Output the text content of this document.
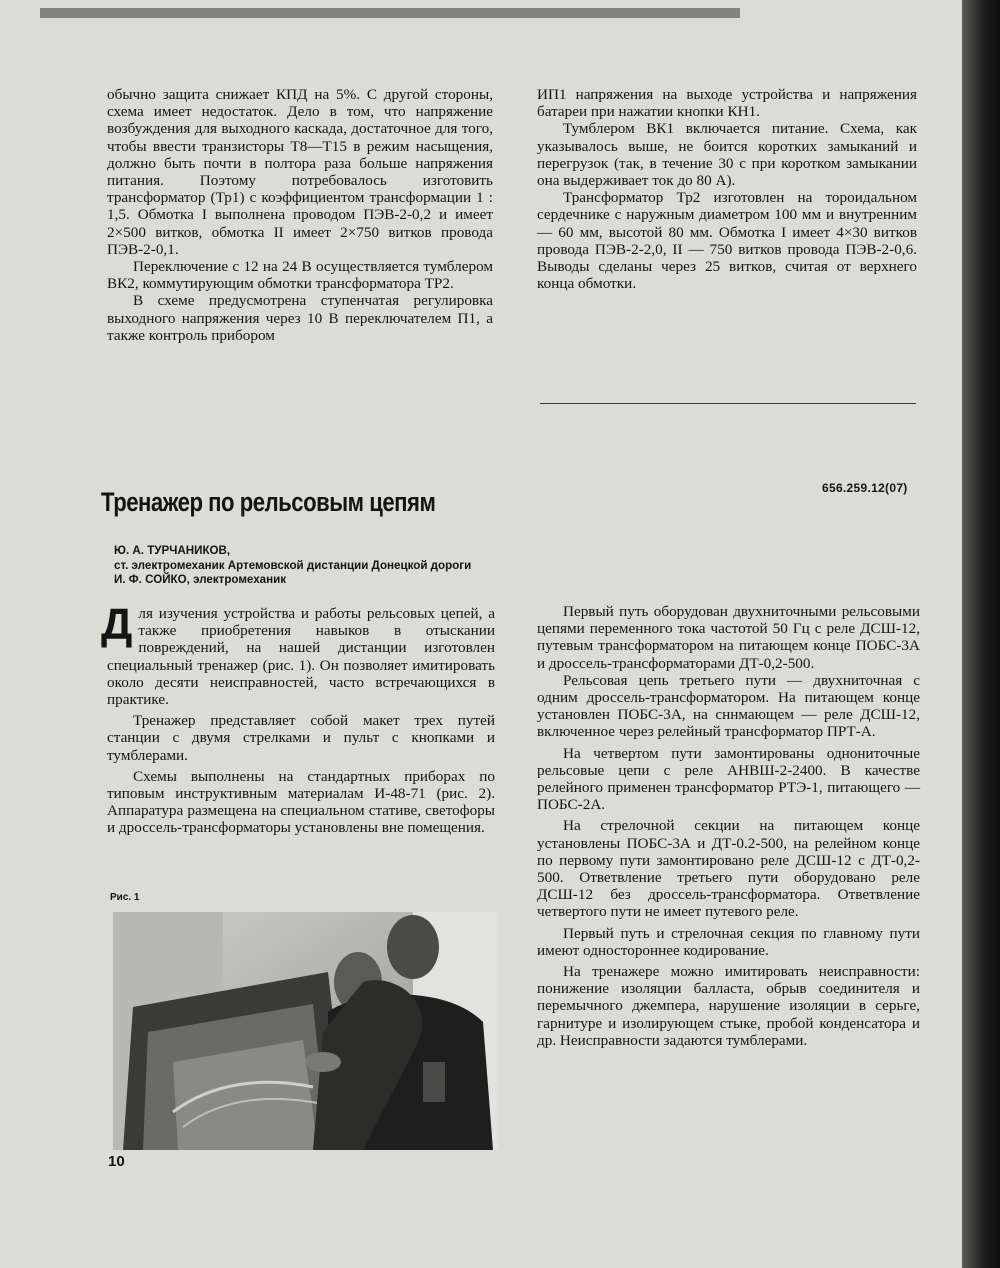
обычно защита снижает КПД на 5%. С другой стороны, схема имеет недостаток. Дело в том, что напряжение возбуждения для выходного каскада, достаточное для того, чтобы ввести транзисторы Т8—Т15 в режим насыщения, должно быть почти в полтора раза больше напряжения питания. Поэтому потребовалось изготовить трансформатор (Тр1) с коэффициентом трансформации 1 : 1,5. Обмотка I выполнена проводом ПЭВ-2-0,2 и имеет 2×500 витков, обмотка II имеет 2×750 витков провода ПЭВ-2-0,1.

Переключение с 12 на 24 В осуществляется тумблером ВК2, коммутирующим обмотки трансформатора ТР2.

В схеме предусмотрена ступенчатая регулировка выходного напряжения через 10 В переключателем П1, а также контроль прибором

ИП1 напряжения на выходе устройства и напряжения батареи при нажатии кнопки КН1.

Тумблером ВК1 включается питание. Схема, как указывалось выше, не боится коротких замыканий и перегрузок (так, в течение 30 с при коротком замыкании она выдерживает ток до 80 А).

Трансформатор Тр2 изготовлен на тороидальном сердечнике с наружным диаметром 100 мм и внутренним — 60 мм, высотой 80 мм. Обмотка I имеет 4×30 витков провода ПЭВ-2-2,0, II — 750 витков провода ПЭВ-2-0,6. Выводы сделаны через 25 витков, считая от верхнего конца обмотки.

656.259.12(07)
Тренажер по рельсовым цепям
Ю. А. ТУРЧАНИКОВ,
ст. электромеханик Артемовской дистанции Донецкой дороги
И. Ф. СОЙКО, электромеханик

Для изучения устройства и работы рельсовых цепей, а также приобретения навыков в отыскании повреждений, на нашей дистанции изготовлен специальный тренажер (рис. 1). Он позволяет имитировать около десяти неисправностей, часто встречающихся в практике.

Тренажер представляет собой макет трех путей станции с двумя стрелками и пульт с кнопками и тумблерами.

Схемы выполнены на стандартных приборах по типовым инструктивным материалам И-48-71 (рис. 2). Аппаратура размещена на специальном стативе, светофоры и дроссель-трансформаторы установлены вне помещения.

Рис. 1

Первый путь оборудован двухниточными рельсовыми цепями переменного тока частотой 50 Гц с реле ДСШ-12, путевым трансформатором на питающем конце ПОБС-3А и дроссель-трансформаторами ДТ-0,2-500.

Рельсовая цепь третьего пути — двухниточная с одним дроссель-трансформатором. На питающем конце установлен ПОБС-3А, на сннмающем — реле ДСШ-12, включенное через релейный трансформатор ПРТ-А.

На четвертом пути замонтированы однониточные рельсовые цепи с реле АНВШ-2-2400. В качестве релейного применен трансформатор РТЭ-1, питающего — ПОБС-2А.

На стрелочной секции на питающем конце установлены ПОБС-3А и ДТ-0.2-500, на релейном конце по первому пути замонтировано реле ДСШ-12 с ДТ-0,2-500. Ответвление третьего пути оборудовано реле ДСШ-12 без дроссель-трансформатора. Ответвление четвертого пути не имеет путевого реле.

Первый путь и стрелочная секция по главному пути имеют одностороннее кодирование.

На тренажере можно имитировать неисправности: понижение изоляции балласта, обрыв соединителя и перемычного джемпера, нарушение изоляции в серьге, гарнитуре и изолирующем стыке, пробой конденсатора и др. Неисправности задаются тумблерами.

10
